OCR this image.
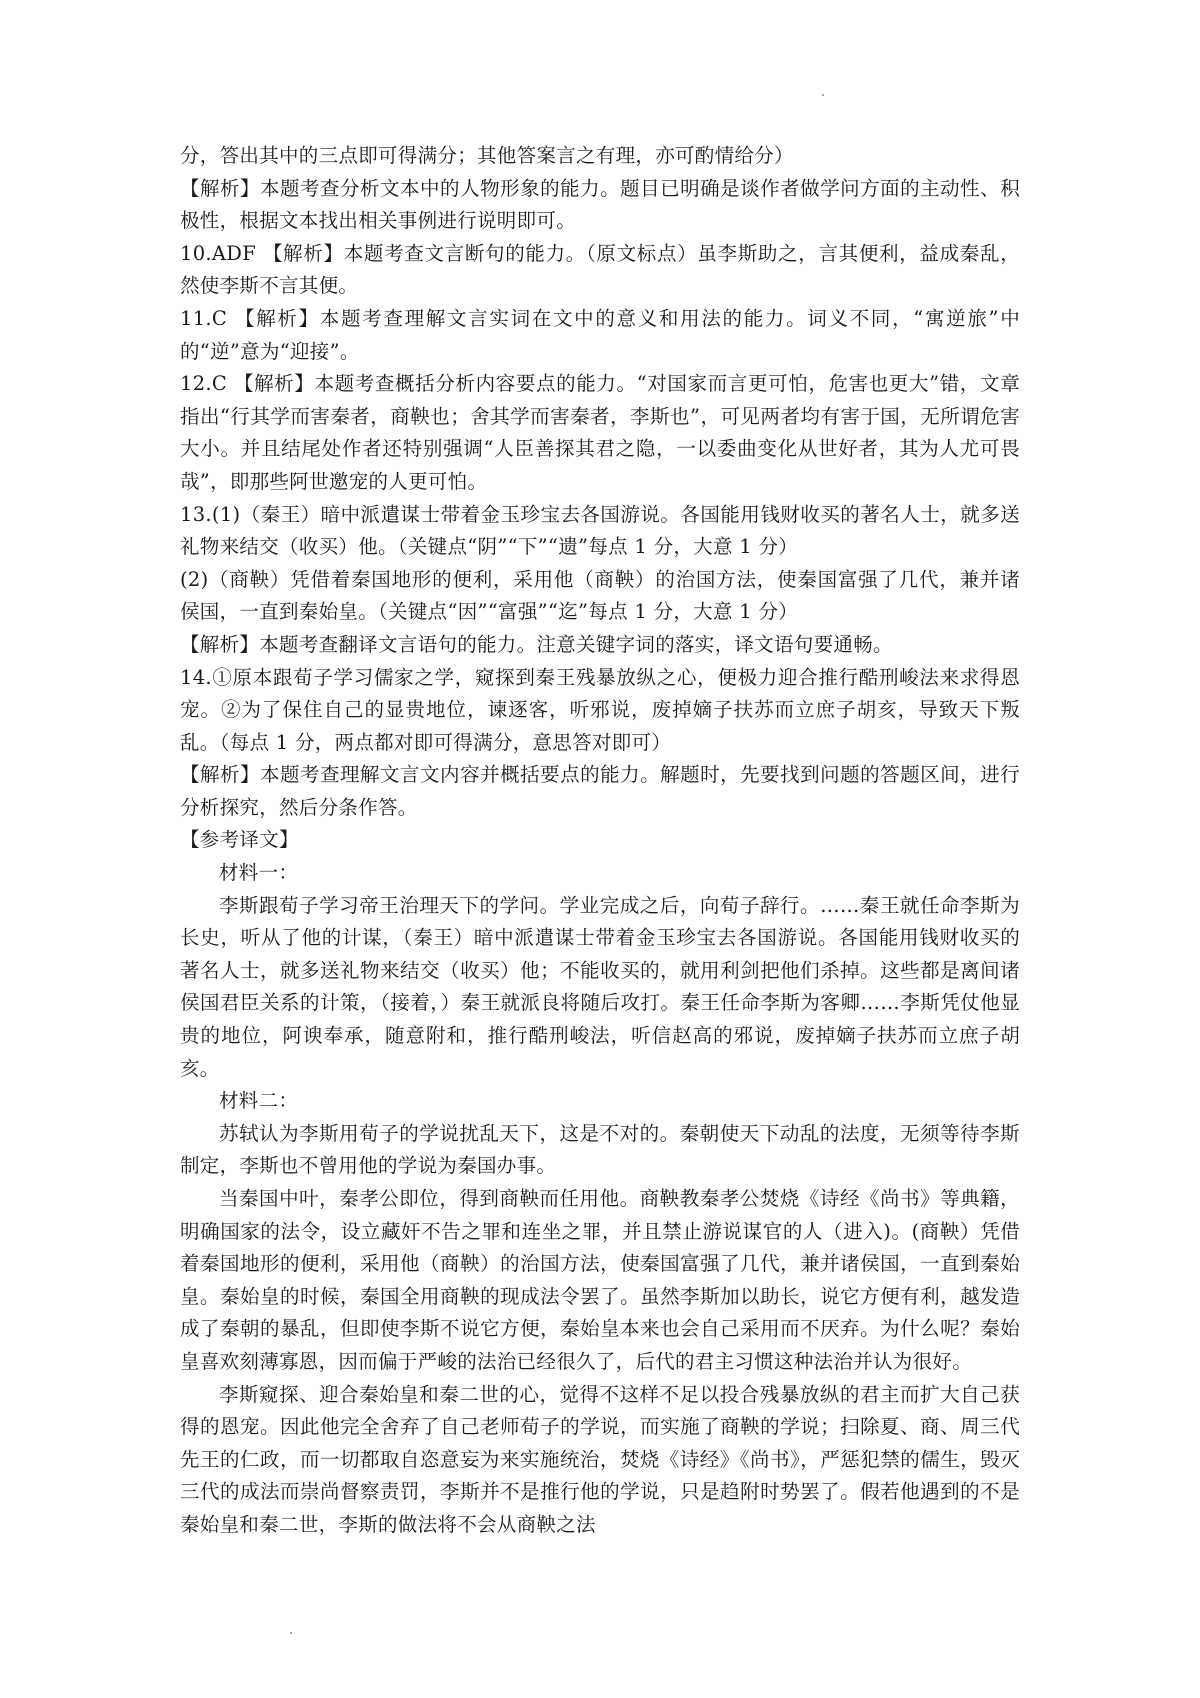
分，答出其中的三点即可得满分；其他答案言之有理，亦可酌情给分）

【解析】本题考查分析文本中的人物形象的能力。题目已明确是谈作者做学问方面的主动性、积极性，根据文本找出相关事例进行说明即可。

10.ADF 【解析】本题考查文言断句的能力。（原文标点）虽李斯助之，言其便利，益成秦乱，然使李斯不言其便。

11.C 【解析】本题考查理解文言实词在文中的意义和用法的能力。词义不同，“寓逆旅”中的“逆”意为“迎接”。

12.C 【解析】本题考查概括分析内容要点的能力。“对国家而言更可怕，危害也更大”错，文章指出“行其学而害秦者，商鞅也；舍其学而害秦者，李斯也”，可见两者均有害于国，无所谓危害大小。并且结尾处作者还特别强调“人臣善探其君之隐，一以委曲变化从世好者，其为人尤可畏哉”，即那些阿世邀宠的人更可怕。

13.(1)（秦王）暗中派遣谋士带着金玉珍宝去各国游说。各国能用钱财收买的著名人士，就多送礼物来结交（收买）他。（关键点“阴”“下”“遗”每点 1 分，大意 1 分）

(2)（商鞅）凭借着秦国地形的便利，采用他（商鞅）的治国方法，使秦国富强了几代，兼并诸侯国，一直到秦始皇。（关键点“因”“富强”“迄”每点 1 分，大意 1 分）

【解析】本题考查翻译文言语句的能力。注意关键字词的落实，译文语句要通畅。

14.①原本跟荀子学习儒家之学，窥探到秦王残暴放纵之心，便极力迎合推行酷刑峻法来求得恩宠。②为了保住自己的显贵地位，谏逐客，听邪说，废掉嫡子扶苏而立庶子胡亥，导致天下叛乱。（每点 1 分，两点都对即可得满分，意思答对即可）

【解析】本题考查理解文言文内容并概括要点的能力。解题时，先要找到问题的答题区间，进行分析探究，然后分条作答。

【参考译文】

材料一：

李斯跟荀子学习帝王治理天下的学问。学业完成之后，向荀子辞行。……秦王就任命李斯为长史，听从了他的计谋，（秦王）暗中派遣谋士带着金玉珍宝去各国游说。各国能用钱财收买的著名人士，就多送礼物来结交（收买）他；不能收买的，就用利剑把他们杀掉。这些都是离间诸侯国君臣关系的计策，（接着，）秦王就派良将随后攻打。秦王任命李斯为客卿……李斯凭仗他显贵的地位，阿谀奉承，随意附和，推行酷刑峻法，听信赵高的邪说，废掉嫡子扶苏而立庶子胡亥。

材料二：

苏轼认为李斯用荀子的学说扰乱天下，这是不对的。秦朝使天下动乱的法度，无须等待李斯制定，李斯也不曾用他的学说为秦国办事。

当秦国中叶，秦孝公即位，得到商鞅而任用他。商鞅教秦孝公焚烧《诗经《尚书》等典籍，明确国家的法令，设立藏奸不告之罪和连坐之罪，并且禁止游说谋官的人（进入)。(商鞅）凭借着秦国地形的便利，采用他（商鞅）的治国方法，使秦国富强了几代，兼并诸侯国，一直到秦始皇。秦始皇的时候，秦国全用商鞅的现成法令罢了。虽然李斯加以助长，说它方便有利，越发造成了秦朝的暴乱，但即使李斯不说它方便，秦始皇本来也会自己采用而不厌弃。为什么呢？秦始皇喜欢刻薄寡恩，因而偏于严峻的法治已经很久了，后代的君主习惯这种法治并认为很好。

李斯窥探、迎合秦始皇和秦二世的心，觉得不这样不足以投合残暴放纵的君主而扩大自己获得的恩宠。因此他完全舍弃了自己老师荀子的学说，而实施了商鞅的学说；扫除夏、商、周三代先王的仁政，而一切都取自恣意妄为来实施统治，焚烧《诗经》《尚书》，严惩犯禁的儒生，毁灭三代的成法而崇尚督察责罚，李斯并不是推行他的学说，只是趋附时势罢了。假若他遇到的不是秦始皇和秦二世，李斯的做法将不会从商鞅之法
